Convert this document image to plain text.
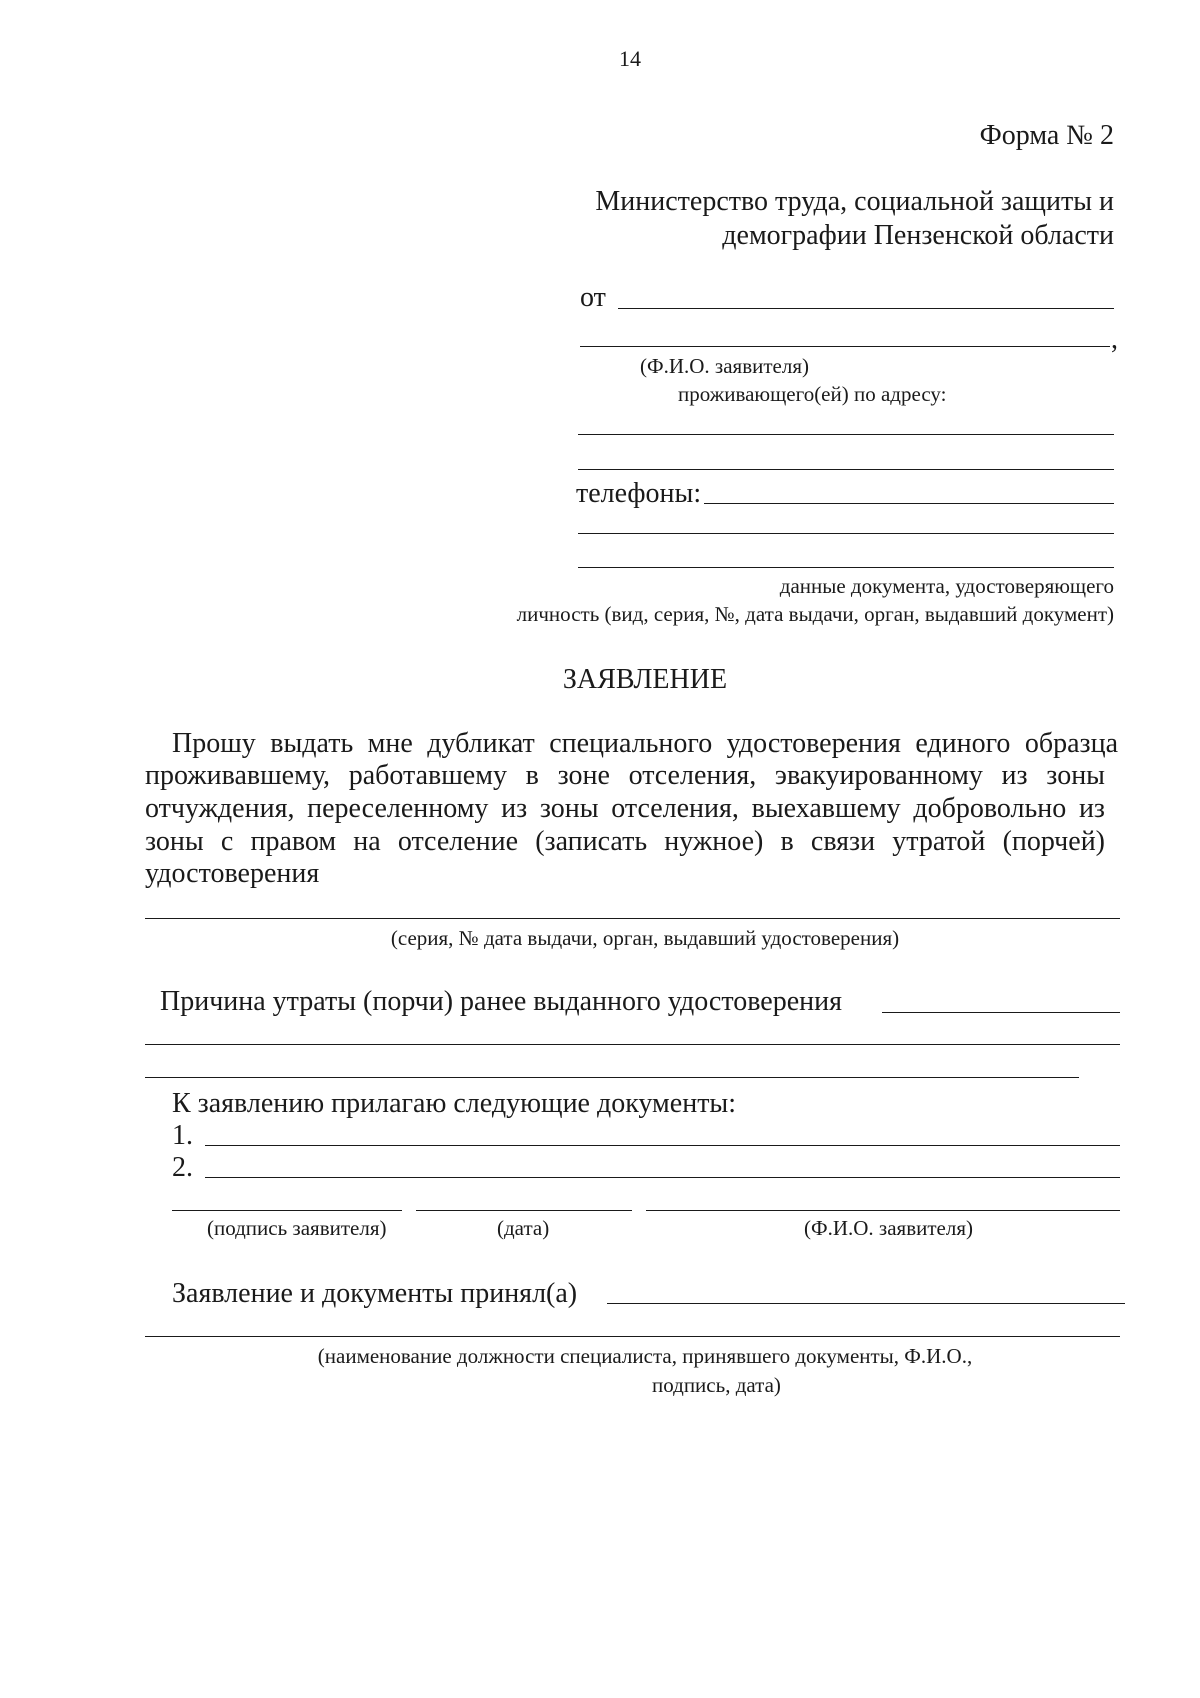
14
Форма № 2
Министерство труда, социальной защиты и
демографии Пензенской области
от
,
(Ф.И.О. заявителя)
проживающего(ей) по адресу:
телефоны:
данные документа, удостоверяющего
личность (вид, серия, №, дата выдачи, орган, выдавший документ)
ЗАЯВЛЕНИЕ
Прошу выдать мне дубликат специального удостоверения единого образца
проживавшему, работавшему в зоне отселения, эвакуированному из зоны
отчуждения, переселенному из зоны отселения, выехавшему добровольно из
зоны с правом на отселение (записать нужное) в связи утратой (порчей)
удостоверения
(серия, № дата выдачи, орган, выдавший удостоверения)
Причина утраты (порчи) ранее выданного удостоверения
К заявлению прилагаю следующие документы:
1.
2.
(подпись заявителя)	(дата)	(Ф.И.О. заявителя)
Заявление и документы принял(а)
(наименование должности специалиста, принявшего документы, Ф.И.О.,
подпись, дата)
